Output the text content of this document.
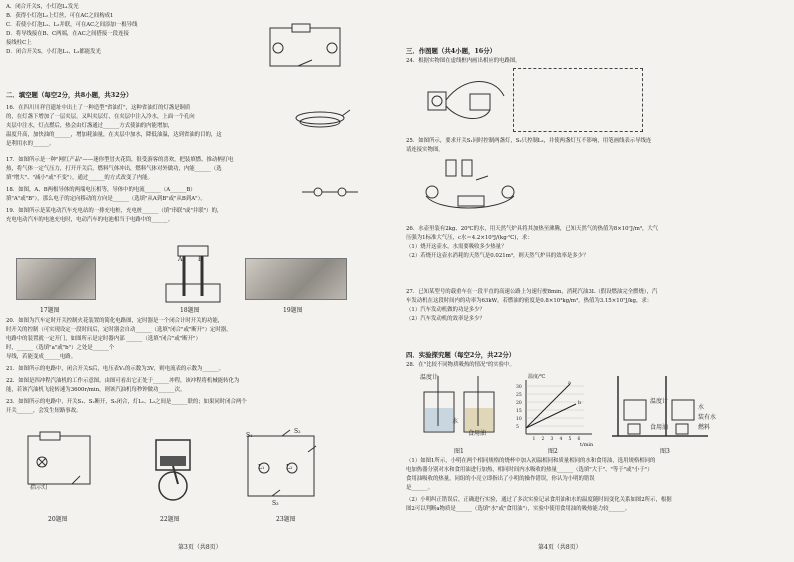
A．闭合开关S，小灯泡L₁发光
B．获得小灯泡L₂上灯丝，可在AC之间构成1
C．若使小灯泡L₁、L₂并联，可在AC之间添加一根导线
D．将导线接在B、C两端，在AC之间搭接一段连接
接线柱C上
D．闭合开关S，小灯泡L₁、L₂都能发光
二．填空题（每空2分，共8小题，共32分）
16．在四川川祥宫遗址中出土了一种造型"省油灯"，这种省油灯的灯盏是铜质
的，在灯盏下增加了一层夹层，又叫夹层灯，在夹层中注入冷水，上面一个孔向
夹层中注水，灯点燃后，热会由灯盏通过______方式使油的内能增加，
温度升高，加快油的______，增加耗油量，在夹层中加水，降低油温，达到省油的目的，这
是利用水的______。
17．如图所示是一种"网红产品"——迷你型冒火花筒，很受游客的喜欢，把装填燃、推动柄打电
热，将气体一定气压力，打开开关后，燃料气体冲出，燃料气体对外做功，内能______（选
填"增大"、"减小"或"不变"），通过______的方式改变了内能。
18．如图，A、B两根导体的两端电压相等，导体中的电流______（A______B）
填"A"或"B"），那么电子的定向移动的方向是______（选填"从A到B"或"从B到A"）。
19．如图所示是某电动汽车充电站的一排充电桩，充电桩______（填"串联"或"并联"）的，
充电电动汽车的电池充电时，电动汽车的电池相当于电路中的______。
17题图
A	B
18题图	19题图
20．如图为汽车定时开关控制火花装置的简化电路图，定时器是一个闭合计时开关的功能，
时开关的控制（可实现设定一段时间后，定时器会自动______（选填"闭合"或"断开"）定时器，
电路中的装置就一定开门，如图所示是定时器内部 ______（选填"闭合"或"断开"）
时，______（选填"a"或"b"）之处是______个
导线，若能变成______电路。
21．如图所示的电路中，闭合开关S后，电压表V₁的示数为3V，则电流表的示数为______。
22．如图是四冲程汽油机的工作示意图，由图可看出它正处于______冲程，该冲程将机械能转化为
能，若该汽油机飞轮转速为3600r/min，则该汽油机每秒钟做功______次。
23．如图所示的电路中，开关S₁、S₂断开，S₃闭合，灯L₁、L₂之间是______联的；如果同时闭合两个
开关______，会发生短路事故。
指示灯
20题图	22题图
S₁
S₂
S₃
L₁	L₂
23题图
第3页（共8页）
三．作图题（共4小题，16分）
24．根据实物图在虚线框内画出相应的电路图。
25．如图所示，要求开关S₁同时控制两盏灯，S₂只控制L₂，并使两盏灯互不影响，用笔画线表示导线连
请连接实物图。
26．水壶里装有2kg、20℃的水，用天然气炉具将其加热至沸腾，已知天然气的热值为8×10⁷J/m³，大气
压强为1标准大气压，c水＝4.2×10³J/(kg·℃)，求：
（1）烧开这壶水，水需要吸收多少热量？
（2）若烧开这壶水消耗的天然气是0.021m³，则天然气炉具的效率是多少？
27．已知某型号的载重车在一段平直的高速公路上匀速行驶8min，消耗汽油3L（假设燃油完全燃烧），汽
车发动机在这段时间内的功率为63kW，若燃油的密度是0.8×10³kg/m³，热值为3.15×10⁷J/kg，求：
（1）汽车发动机做的功是多少？
（2）汽车发动机的效率是多少？
四．实验探究题（每空2分，共22分）
28．在"比较不同物质吸热的情况"的实验中。
温度计
水
食用油
图1
温度/℃
t/min
30
25
20
15
10
5
1 2 3 4 5 6
a
b
图2
温度计
水
装有水
食用油	燃料
图3
（1）如图1所示，小明在两个相同规格的烧杯中加入初温相同和质量相同的水和食用油，选用规格相同的
电加热器分别对水和食用油进行加热，相同时间内水吸收的热量______（选填"大于"、"等于"或"小于"）
食用油吸收的热量，同组的小亮立即指出了小明的操作错误，你认为小明的错误
是______。
（2）小明纠正错误后，正确进行实验，通过了多次实验记录食用油和水的温度随时间变化关系如图2所示，根据
图2可以判断a物质是______（选填"水"或"食用油"），实验中使用食用油的吸热能力较______。
第4页（共8页）
